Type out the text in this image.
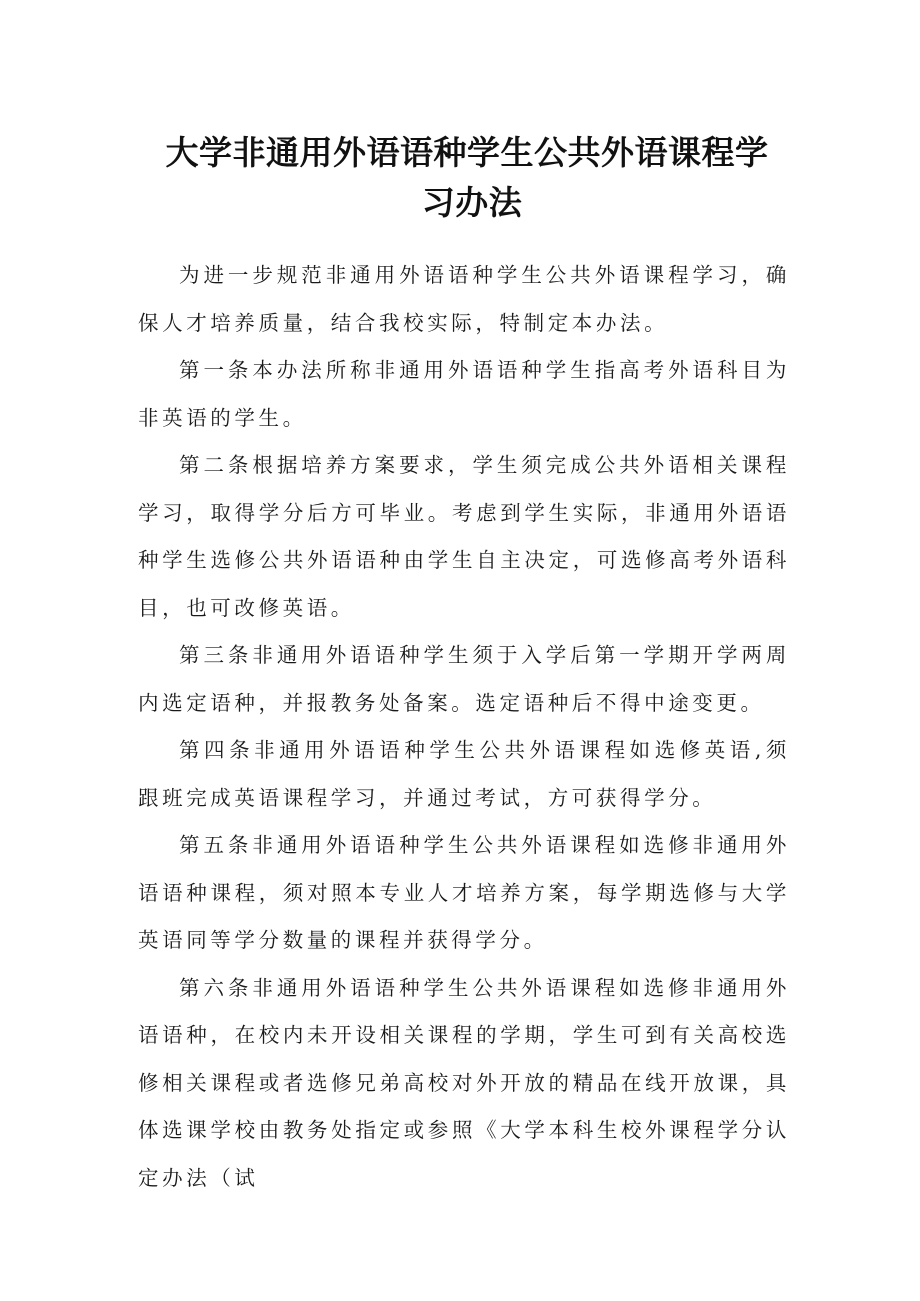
大学非通用外语语种学生公共外语课程学
习办法

为进一步规范非通用外语语种学生公共外语课程学习，确保人才培养质量，结合我校实际，特制定本办法。

第一条本办法所称非通用外语语种学生指高考外语科目为非英语的学生。

第二条根据培养方案要求，学生须完成公共外语相关课程学习，取得学分后方可毕业。考虑到学生实际，非通用外语语种学生选修公共外语语种由学生自主决定，可选修高考外语科目，也可改修英语。

第三条非通用外语语种学生须于入学后第一学期开学两周内选定语种，并报教务处备案。选定语种后不得中途变更。

第四条非通用外语语种学生公共外语课程如选修英语,须跟班完成英语课程学习，并通过考试，方可获得学分。

第五条非通用外语语种学生公共外语课程如选修非通用外语语种课程，须对照本专业人才培养方案，每学期选修与大学英语同等学分数量的课程并获得学分。

第六条非通用外语语种学生公共外语课程如选修非通用外语语种，在校内未开设相关课程的学期，学生可到有关高校选修相关课程或者选修兄弟高校对外开放的精品在线开放课，具体选课学校由教务处指定或参照《大学本科生校外课程学分认定办法（试
